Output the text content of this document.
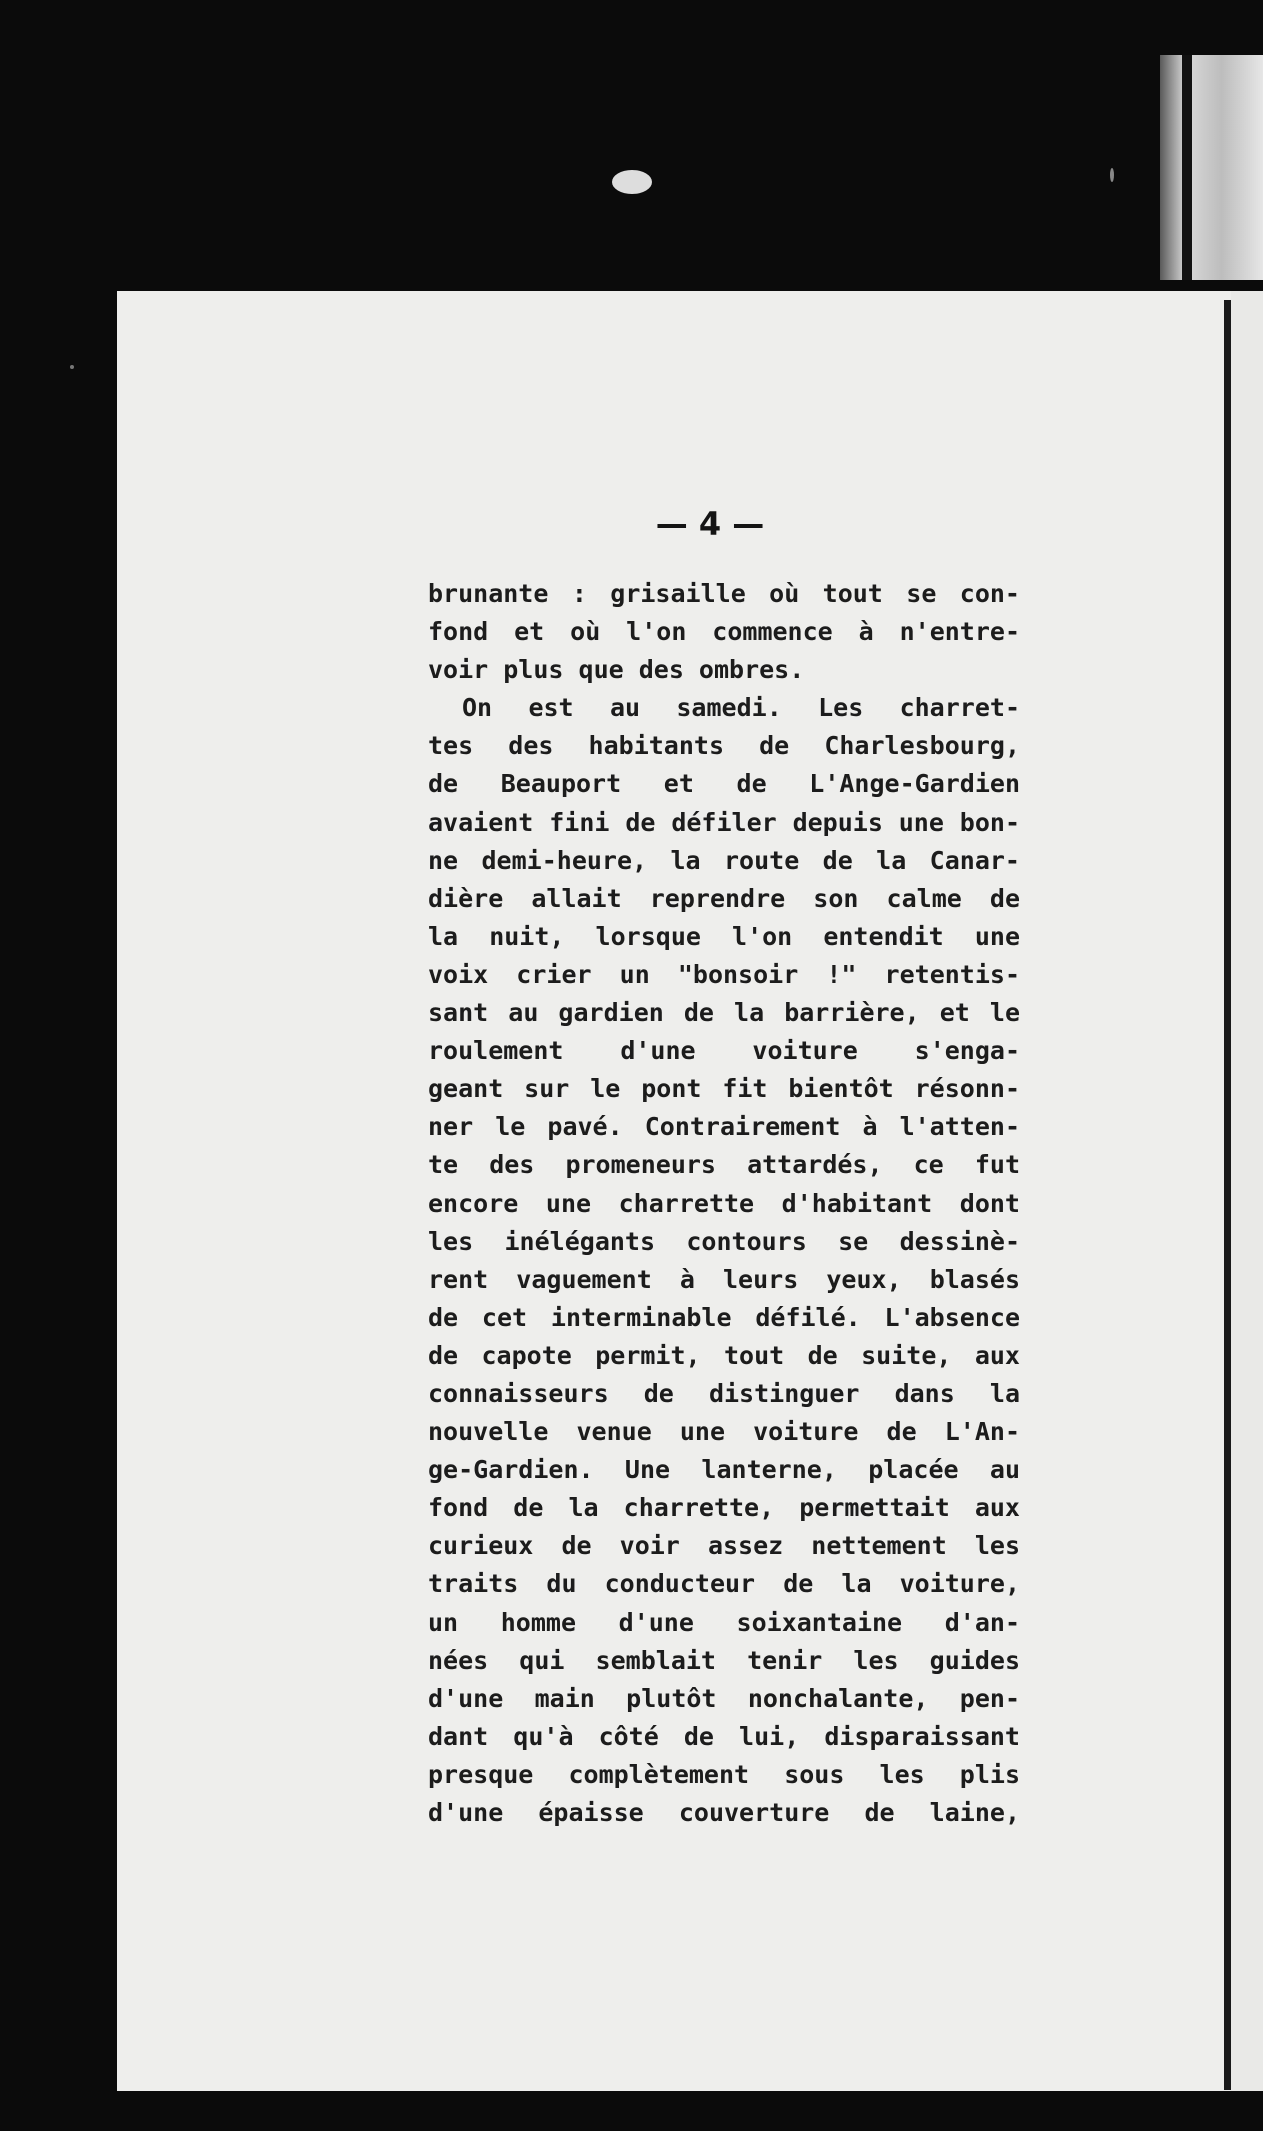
— 4 —
brunante : grisaille où tout se con-
fond et où l'on commence à n'entre-
voir plus que des ombres.
On est au samedi. Les charret-
tes des habitants de Charlesbourg,
de Beauport et de L'Ange-Gardien
avaient fini de défiler depuis une bon-
ne demi-heure, la route de la Canar-
dière allait reprendre son calme de
la nuit, lorsque l'on entendit une
voix crier un "bonsoir !" retentis-
sant au gardien de la barrière, et le
roulement d'une voiture s'enga-
geant sur le pont fit bientôt résonn-
ner le pavé. Contrairement à l'atten-
te des promeneurs attardés, ce fut
encore une charrette d'habitant dont
les inélégants contours se dessinè-
rent vaguement à leurs yeux, blasés
de cet interminable défilé. L'absence
de capote permit, tout de suite, aux
connaisseurs de distinguer dans la
nouvelle venue une voiture de L'An-
ge-Gardien. Une lanterne, placée au
fond de la charrette, permettait aux
curieux de voir assez nettement les
traits du conducteur de la voiture,
un homme d'une soixantaine d'an-
nées qui semblait tenir les guides
d'une main plutôt nonchalante, pen-
dant qu'à côté de lui, disparaissant
presque complètement sous les plis
d'une épaisse couverture de laine,
